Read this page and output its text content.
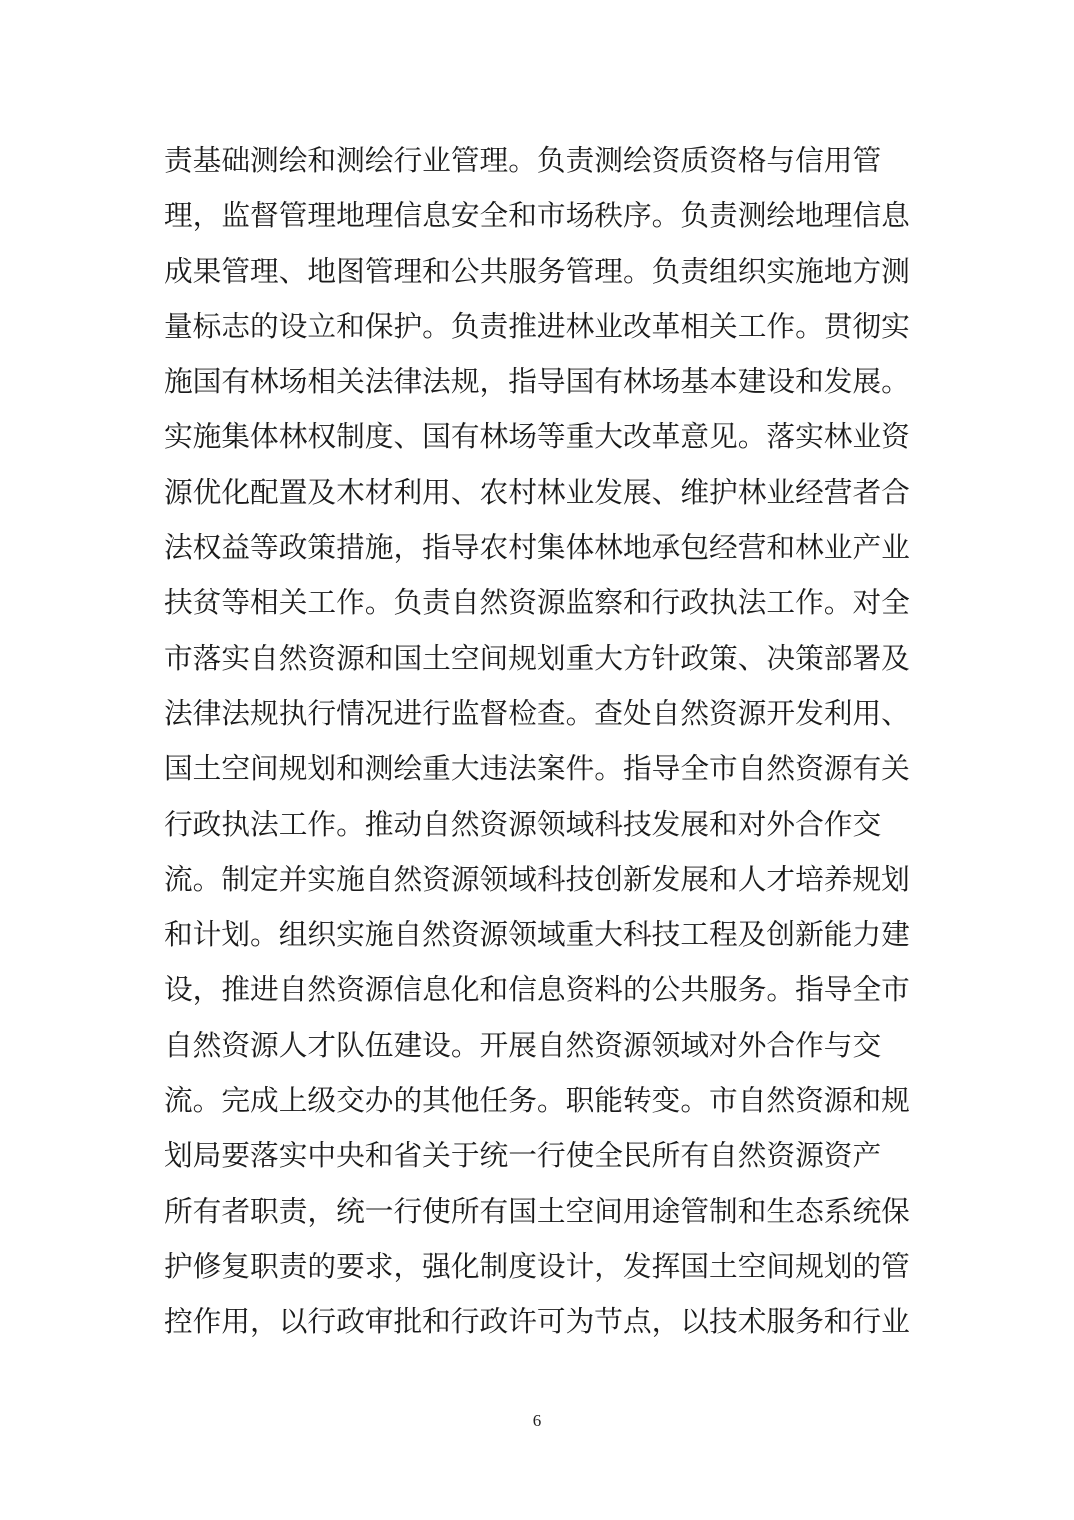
责基础测绘和测绘行业管理。负责测绘资质资格与信用管
理，监督管理地理信息安全和市场秩序。负责测绘地理信息
成果管理、地图管理和公共服务管理。负责组织实施地方测
量标志的设立和保护。负责推进林业改革相关工作。贯彻实
施国有林场相关法律法规，指导国有林场基本建设和发展。
实施集体林权制度、国有林场等重大改革意见。落实林业资
源优化配置及木材利用、农村林业发展、维护林业经营者合
法权益等政策措施，指导农村集体林地承包经营和林业产业
扶贫等相关工作。负责自然资源监察和行政执法工作。对全
市落实自然资源和国土空间规划重大方针政策、决策部署及
法律法规执行情况进行监督检查。查处自然资源开发利用、
国土空间规划和测绘重大违法案件。指导全市自然资源有关
行政执法工作。推动自然资源领域科技发展和对外合作交
流。制定并实施自然资源领域科技创新发展和人才培养规划
和计划。组织实施自然资源领域重大科技工程及创新能力建
设，推进自然资源信息化和信息资料的公共服务。指导全市
自然资源人才队伍建设。开展自然资源领域对外合作与交
流。完成上级交办的其他任务。职能转变。市自然资源和规
划局要落实中央和省关于统一行使全民所有自然资源资产
所有者职责，统一行使所有国土空间用途管制和生态系统保
护修复职责的要求，强化制度设计，发挥国土空间规划的管
控作用，以行政审批和行政许可为节点，以技术服务和行业
6
